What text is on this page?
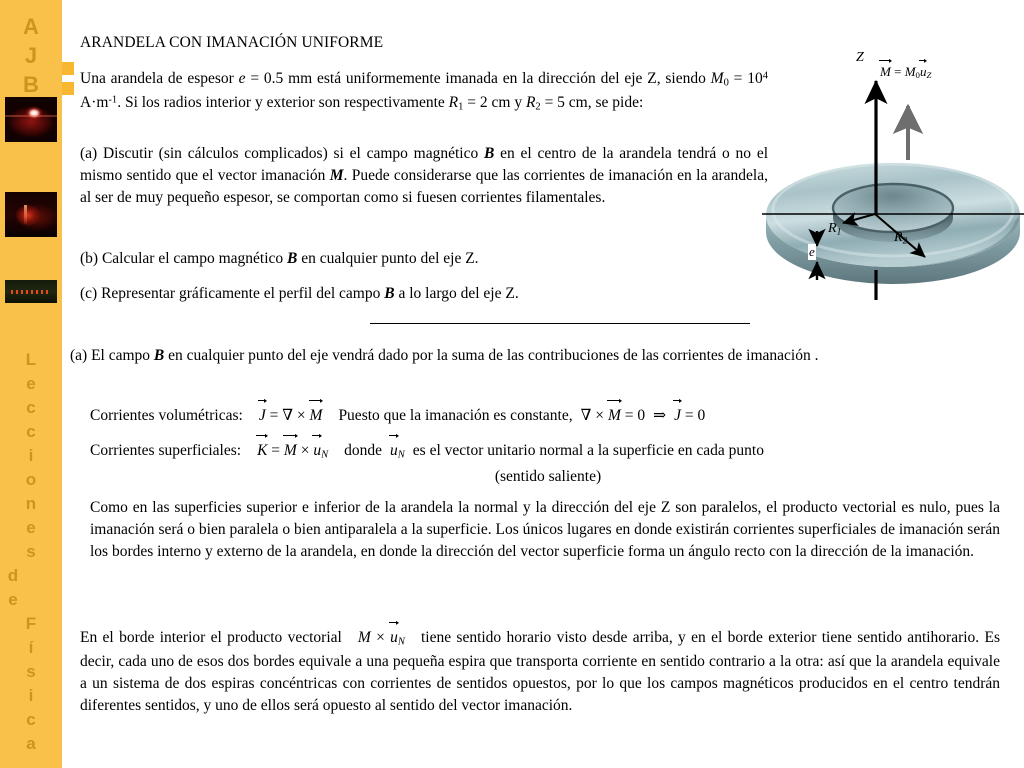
A
J
B
L
e
c
c
i
o
n
e
s
d
e
F
í
s
i
c
a
ARANDELA CON IMANACIÓN UNIFORME
Una arandela de espesor e = 0.5 mm está uniformemente imanada en la dirección del eje Z, siendo $M_0 = 10^4$ $A\cdot m^{-1}$. Si los radios interior y exterior son respectivamente $R_1 = 2$ cm y $R_2 = 5$ cm, se pide:
(a) Discutir (sin cálculos complicados) si el campo magnético B en el centro de la arandela tendrá o no el mismo sentido que el vector imanación M. Puede considerarse que las corrientes de imanación en la arandela, al ser de muy pequeño espesor, se comportan como si fuesen corrientes filamentales.
(b) Calcular el campo magnético B en cualquier punto del eje Z.
(c) Representar gráficamente el perfil del campo B a lo largo del eje Z.
(a) El campo B en cualquier punto del eje vendrá dado por la suma de las contribuciones de las corrientes de imanación .
Corrientes volumétricas: J = ∇ × M Puesto que la imanación es constante, ∇ × M = 0 ⇒ J = 0
Corrientes superficiales: $K = M \times u_N$ donde $u_N$ es el vector unitario normal a la superficie en cada punto
(sentido saliente)
Como en las superficies superior e inferior de la arandela la normal y la dirección del eje Z son paralelos, el producto vectorial es nulo, pues la imanación será o bien paralela o bien antiparalela a la superficie. Los únicos lugares en donde existirán corrientes superficiales de imanación serán los bordes interno y externo de la arandela, en donde la dirección del vector superficie forma un ángulo recto con la dirección de la imanación.
En el borde interior el producto vectorial $M \times u_N$ tiene sentido horario visto desde arriba, y en el borde exterior tiene sentido antihorario. Es decir, cada uno de esos dos bordes equivale a una pequeña espira que transporta corriente en sentido contrario a la otra: así que la arandela equivale a un sistema de dos espiras concéntricas con corrientes de sentidos opuestos, por lo que los campos magnéticos producidos en el centro tendrán diferentes sentidos, y uno de ellos será opuesto al sentido del vector imanación.
Z
$M = M_0u_Z$
$R_1$	$R_2$
e
